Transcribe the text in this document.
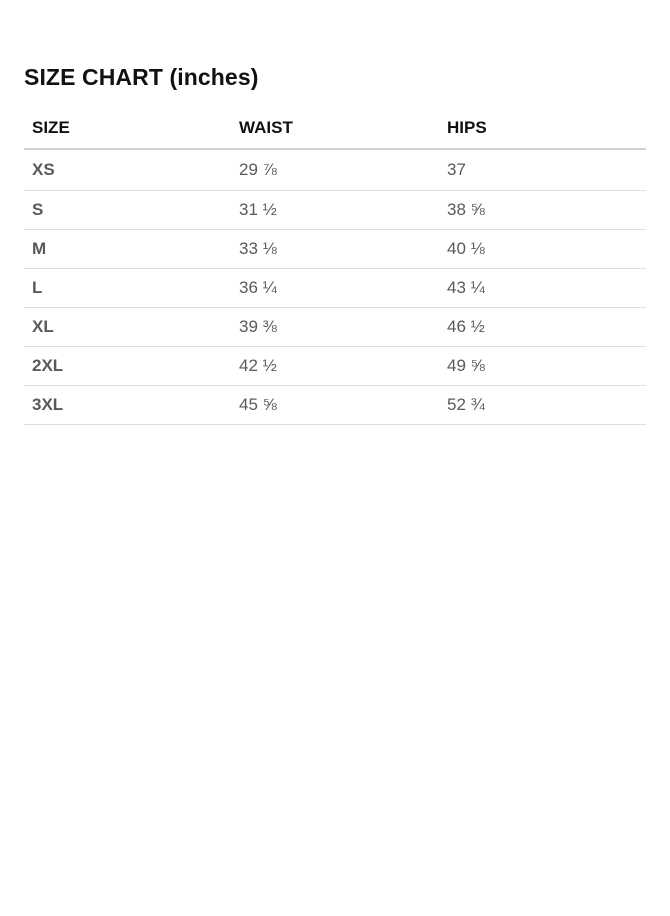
SIZE CHART (inches)
SIZE	WAIST	HIPS
XS	29 ⅞	37
S	31 ½	38 ⅝
M	33 ⅛	40 ⅛
L	36 ¼	43 ¼
XL	39 ⅜	46 ½
2XL	42 ½	49 ⅝
3XL	45 ⅝	52 ¾
